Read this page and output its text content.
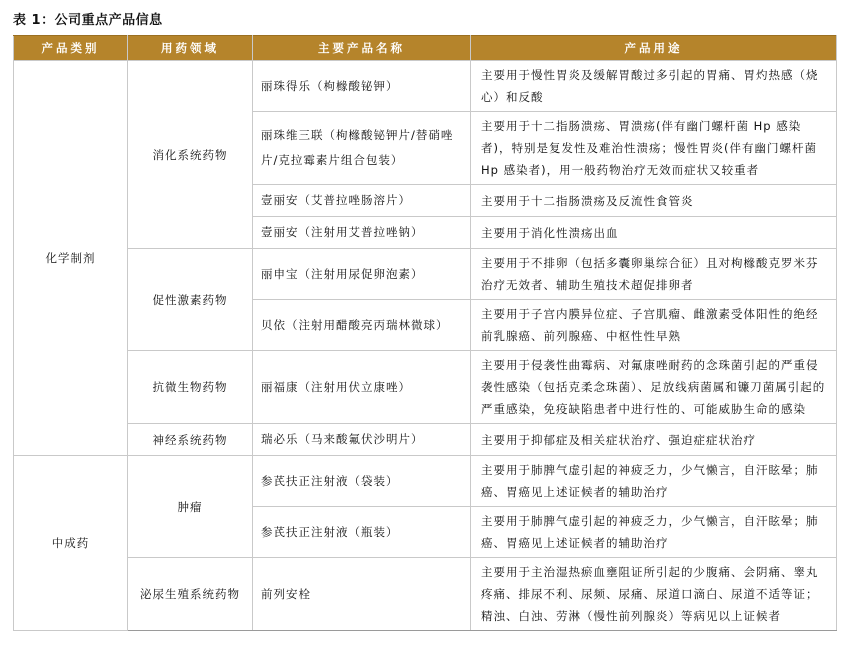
表 1：公司重点产品信息
产品类别	用药领域	主要产品名称	产品用途
化学制剂	消化系统药物	丽珠得乐（枸橼酸铋钾）	主要用于慢性胃炎及缓解胃酸过多引起的胃痛、胃灼热感（烧心）和反酸
		丽珠维三联（枸橼酸铋钾片/替硝唑片/克拉霉素片组合包装）	主要用于十二指肠溃疡、胃溃疡(伴有幽门螺杆菌 Hp 感染者)，特别是复发性及难治性溃疡；慢性胃炎(伴有幽门螺杆菌 Hp 感染者)，用一般药物治疗无效而症状又较重者
		壹丽安（艾普拉唑肠溶片）	主要用于十二指肠溃疡及反流性食管炎
		壹丽安（注射用艾普拉唑钠）	主要用于消化性溃疡出血
	促性激素药物	丽申宝（注射用尿促卵泡素）	主要用于不排卵（包括多囊卵巢综合征）且对枸橼酸克罗米芬治疗无效者、辅助生殖技术超促排卵者
		贝依（注射用醋酸亮丙瑞林微球）	主要用于子宫内膜异位症、子宫肌瘤、雌激素受体阳性的绝经前乳腺癌、前列腺癌、中枢性性早熟
	抗微生物药物	丽福康（注射用伏立康唑）	主要用于侵袭性曲霉病、对氟康唑耐药的念珠菌引起的严重侵袭性感染（包括克柔念珠菌）、足放线病菌属和镰刀菌属引起的严重感染，免疫缺陷患者中进行性的、可能威胁生命的感染
	神经系统药物	瑞必乐（马来酸氟伏沙明片）	主要用于抑郁症及相关症状治疗、强迫症症状治疗
中成药	肿瘤	参芪扶正注射液（袋装）	主要用于肺脾气虚引起的神疲乏力，少气懒言，自汗眩晕；肺癌、胃癌见上述证候者的辅助治疗
		参芪扶正注射液（瓶装）	主要用于肺脾气虚引起的神疲乏力，少气懒言，自汗眩晕；肺癌、胃癌见上述证候者的辅助治疗
	泌尿生殖系统药物	前列安栓	主要用于主治湿热瘀血壅阻证所引起的少腹痛、会阴痛、睾丸疼痛、排尿不利、尿频、尿痛、尿道口滴白、尿道不适等证；精浊、白浊、劳淋（慢性前列腺炎）等病见以上证候者
